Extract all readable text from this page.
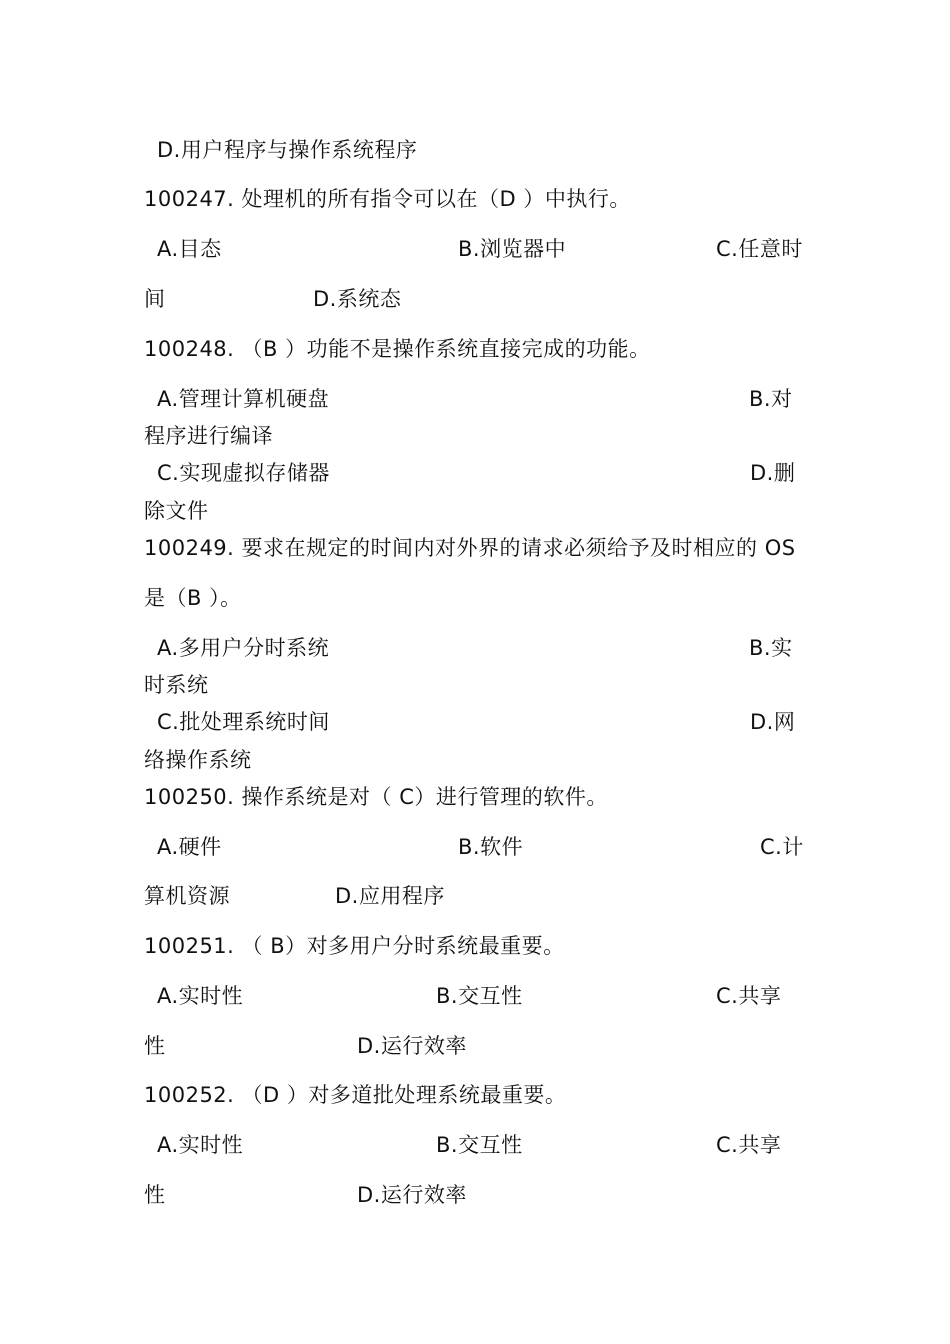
D.用户程序与操作系统程序
100247. 处理机的所有指令可以在（D ）中执行。
A.目态	B.浏览器中	C.任意时
间	D.系统态
100248. （B ）功能不是操作系统直接完成的功能。
A.管理计算机硬盘	B.对
程序进行编译
C.实现虚拟存储器	D.删
除文件
100249. 要求在规定的时间内对外界的请求必须给予及时相应的 OS
是（B ）。
A.多用户分时系统	B.实
时系统
C.批处理系统时间	D.网
络操作系统
100250. 操作系统是对（ C）进行管理的软件。
A.硬件	B.软件	C.计
算机资源	D.应用程序
100251. （ B）对多用户分时系统最重要。
A.实时性	B.交互性	C.共享
性	D.运行效率
100252. （D ）对多道批处理系统最重要。
A.实时性	B.交互性	C.共享
性	D.运行效率
